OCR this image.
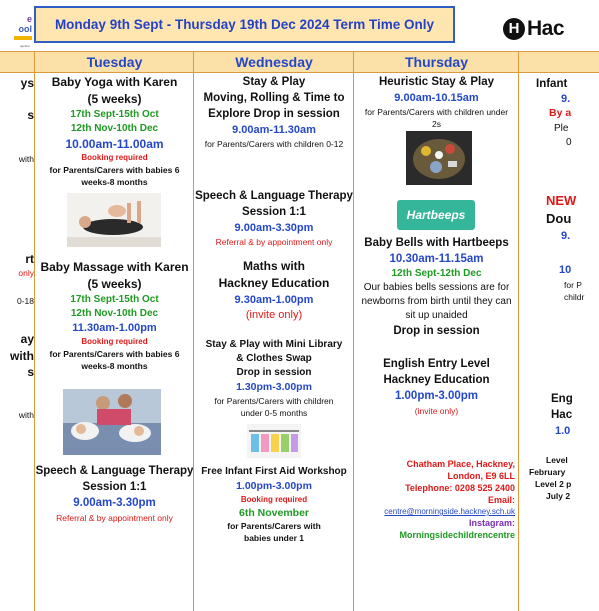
e
ool
ogether
Monday 9th Sept - Thursday 19th Dec 2024 Term Time Only	H Hac
ys
s
with
rt
only
0-18
ay
with
s
with
Tuesday
Baby Yoga with Karen
(5 weeks)
17th Sept-15th Oct
12th Nov-10th Dec
10.00am-11.00am
Booking required
for Parents/Carers with babies 6 weeks-8 months
Baby Massage with Karen
(5 weeks)
17th Sept-15th Oct
12th Nov-10th Dec
11.30am-1.00pm
Booking required
for Parents/Carers with babies 6 weeks-8 months
Speech & Language Therapy
Session 1:1
9.00am-3.30pm
Referral & by appointment only
Wednesday
Stay & Play
Moving, Rolling & Time to
Explore Drop in session
9.00am-11.30am
for Parents/Carers with children 0-12
Speech & Language Therapy
Session 1:1
9.00am-3.30pm
Referral & by appointment only
Maths with
Hackney Education
9.30am-1.00pm
(invite only)
Stay & Play with Mini Library
& Clothes Swap
Drop in session
1.30pm-3.00pm
for Parents/Carers with children under 0-5 months
Free Infant First Aid Workshop
1.00pm-3.00pm
Booking required
6th November
for Parents/Carers with babies under 1
Thursday
Heuristic Stay & Play
9.00am-10.15am
for Parents/Carers with children under 2s
Hartbeeps
Baby Bells with Hartbeeps
10.30am-11.15am
12th Sept-12th Dec
Our babies bells sessions are for newborns from birth until they can sit up unaided
Drop in session
English Entry Level
Hackney Education
1.00pm-3.00pm
(invite only)
Chatham Place, Hackney,
London, E9 6LL
Telephone: 0208 525 2400
Email:
centre@morningside.hackney.sch.uk
Instagram:
Morningsidechildrencentre
Infant
9.
By a
Ple
0
NEW
Dou
9.
10
for P
childr
Eng
Hac
1.0
Level
February
Level 2 p
July 2
